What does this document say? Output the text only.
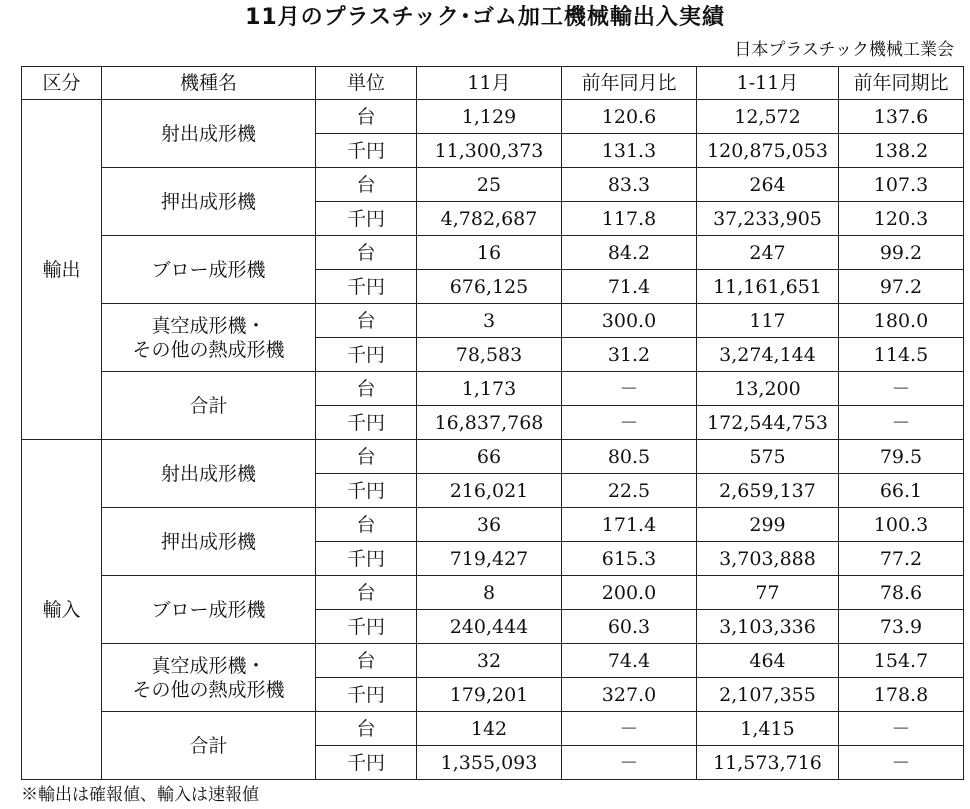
11月のプラスチック･ゴム加工機械輸出入実績
日本プラスチック機械工業会
区分	機種名	単位	11月	前年同月比	1-11月	前年同期比
輸出	射出成形機	台	1,129	120.6	12,572	137.6
		千円	11,300,373	131.3	120,875,053	138.2

	押出成形機	台	25	83.3	264	107.3
		千円	4,782,687	117.8	37,233,905	120.3

	ブロー成形機	台	16	84.2	247	99.2
		千円	676,125	71.4	11,161,651	97.2

	真空成形機・
その他の熱成形機	台	3	300.0	117	180.0
		千円	78,583	31.2	3,274,144	114.5

	合計	台	1,173	－	13,200	－
		千円	16,837,768	－	172,544,753	－
輸入	射出成形機	台	66	80.5	575	79.5
		千円	216,021	22.5	2,659,137	66.1

	押出成形機	台	36	171.4	299	100.3
		千円	719,427	615.3	3,703,888	77.2

	ブロー成形機	台	8	200.0	77	78.6
		千円	240,444	60.3	3,103,336	73.9

	真空成形機・
その他の熱成形機	台	32	74.4	464	154.7
		千円	179,201	327.0	2,107,355	178.8

	合計	台	142	－	1,415	－
		千円	1,355,093	－	11,573,716	－
※輸出は確報値、輸入は速報値
